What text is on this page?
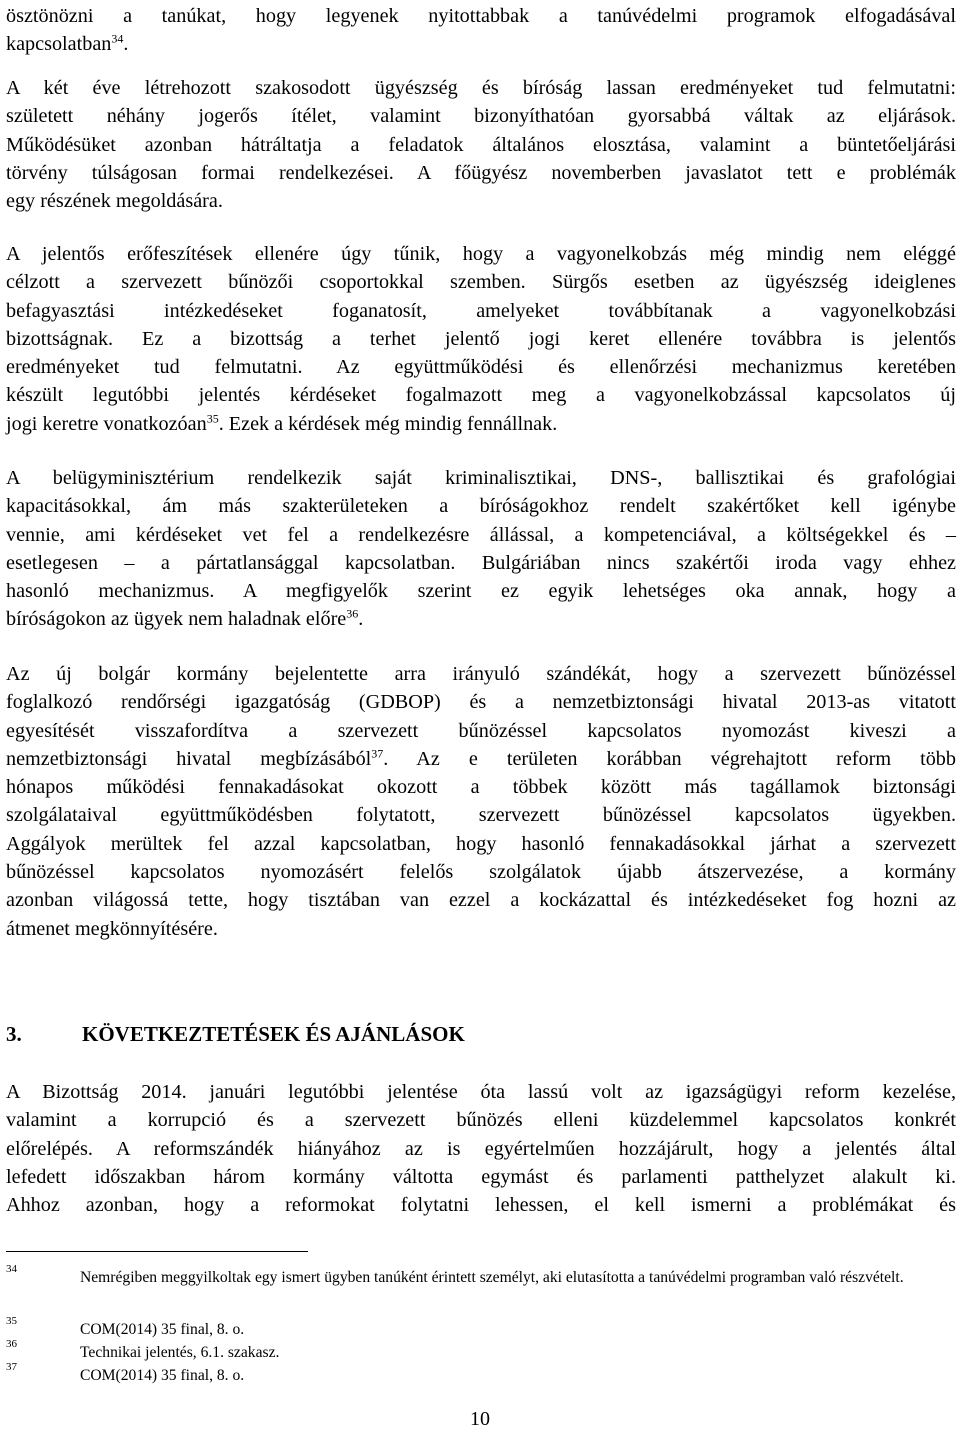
ösztönözni a tanúkat, hogy legyenek nyitottabbak a tanúvédelmi programok elfogadásával
kapcsolatban$^{34}$.

A két éve létrehozott szakosodott ügyészség és bíróság lassan eredményeket tud felmutatni:
született néhány jogerős ítélet, valamint bizonyíthatóan gyorsabbá váltak az eljárások.
Működésüket azonban hátráltatja a feladatok általános elosztása, valamint a büntetőeljárási
törvény túlságosan formai rendelkezései. A főügyész novemberben javaslatot tett e problémák
egy részének megoldására.

A jelentős erőfeszítések ellenére úgy tűnik, hogy a vagyonelkobzás még mindig nem eléggé
célzott a szervezett bűnözői csoportokkal szemben. Sürgős esetben az ügyészség ideiglenes
befagyasztási intézkedéseket foganatosít, amelyeket továbbítanak a vagyonelkobzási
bizottságnak. Ez a bizottság a terhet jelentő jogi keret ellenére továbbra is jelentős
eredményeket tud felmutatni. Az együttműködési és ellenőrzési mechanizmus keretében
készült legutóbbi jelentés kérdéseket fogalmazott meg a vagyonelkobzással kapcsolatos új
jogi keretre vonatkozóan$^{35}$. Ezek a kérdések még mindig fennállnak.

A belügyminisztérium rendelkezik saját kriminalisztikai, DNS-, ballisztikai és grafológiai
kapacitásokkal, ám más szakterületeken a bíróságokhoz rendelt szakértőket kell igénybe
vennie, ami kérdéseket vet fel a rendelkezésre állással, a kompetenciával, a költségekkel és –
esetlegesen – a pártatlansággal kapcsolatban. Bulgáriában nincs szakértői iroda vagy ehhez
hasonló mechanizmus. A megfigyelők szerint ez egyik lehetséges oka annak, hogy a
bíróságokon az ügyek nem haladnak előre$^{36}$.

Az új bolgár kormány bejelentette arra irányuló szándékát, hogy a szervezett bűnözéssel
foglalkozó rendőrségi igazgatóság (GDBOP) és a nemzetbiztonsági hivatal 2013-as vitatott
egyesítését visszafordítva a szervezett bűnözéssel kapcsolatos nyomozást kiveszi a
nemzetbiztonsági hivatal megbízásából$^{37}$. Az e területen korábban végrehajtott reform több
hónapos működési fennakadásokat okozott a többek között más tagállamok biztonsági
szolgálataival együttműködésben folytatott, szervezett bűnözéssel kapcsolatos ügyekben.
Aggályok merültek fel azzal kapcsolatban, hogy hasonló fennakadásokkal járhat a szervezett
bűnözéssel kapcsolatos nyomozásért felelős szolgálatok újabb átszervezése, a kormány
azonban világossá tette, hogy tisztában van ezzel a kockázattal és intézkedéseket fog hozni az
átmenet megkönnyítésére.

3.	KÖVETKEZTETÉSEK ÉS AJÁNLÁSOK

A Bizottság 2014. januári legutóbbi jelentése óta lassú volt az igazságügyi reform kezelése,
valamint a korrupció és a szervezett bűnözés elleni küzdelemmel kapcsolatos konkrét
előrelépés. A reformszándék hiányához az is egyértelműen hozzájárult, hogy a jelentés által
lefedett időszakban három kormány váltotta egymást és parlamenti patthelyzet alakult ki.
Ahhoz azonban, hogy a reformokat folytatni lehessen, el kell ismerni a problémákat és

34	Nemrégiben meggyilkoltak egy ismert ügyben tanúként érintett személyt, aki elutasította a tanúvédelmi programban való részvételt.
35	COM(2014) 35 final, 8. o.
36	Technikai jelentés, 6.1. szakasz.
37	COM(2014) 35 final, 8. o.
10
